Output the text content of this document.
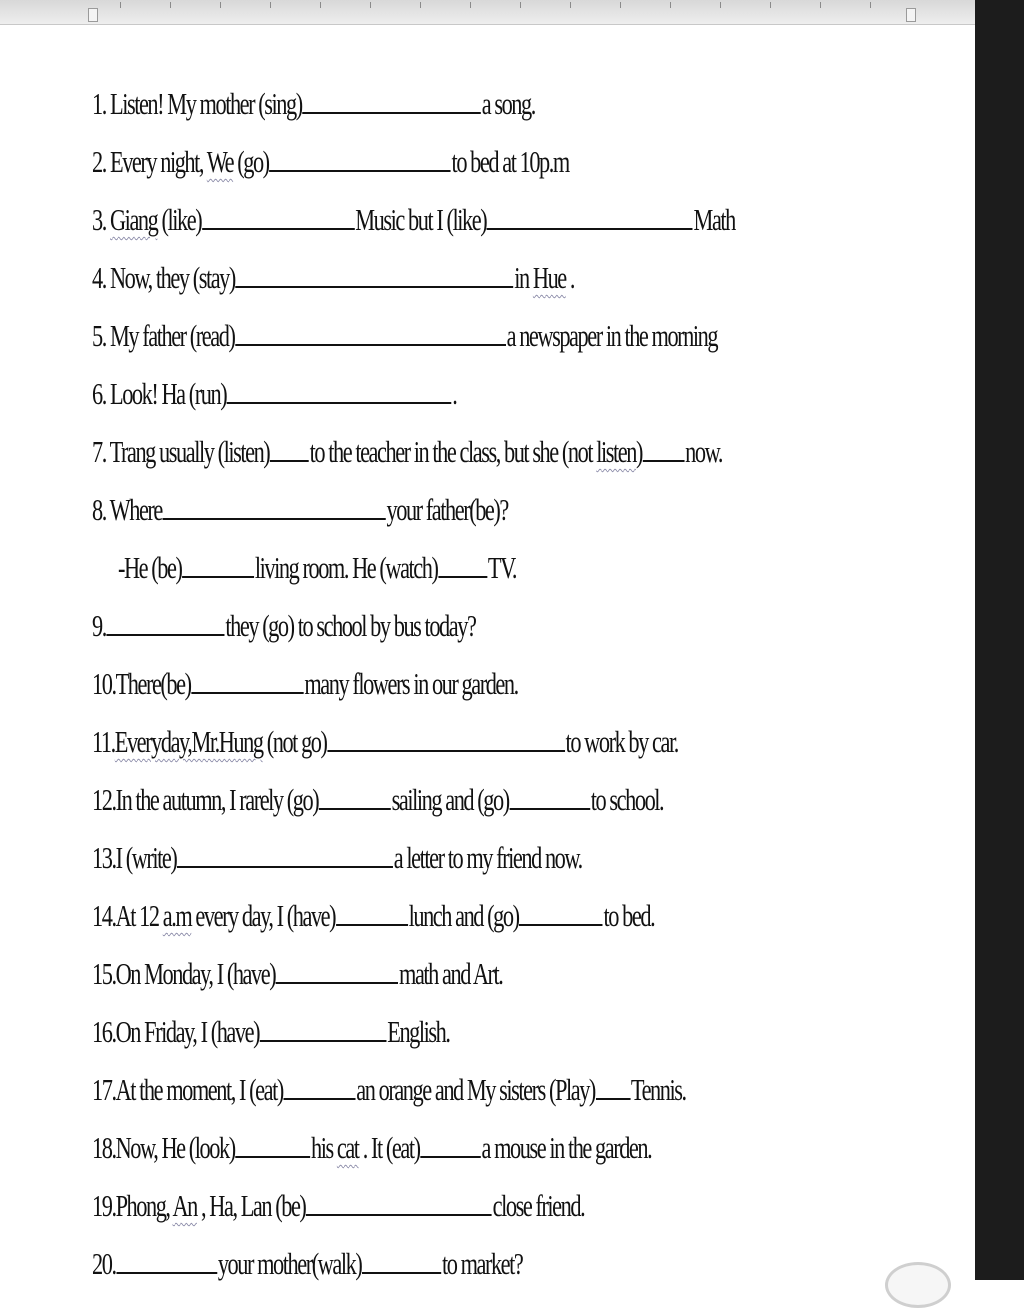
1. Listen! My mother (sing)	a song.
2. Every night, We (go)	to bed at 10p.m
3. Giang (like)	Music but I (like)	Math
4. Now, they (stay)	in Hue .
5. My father (read)	a newspaper in the morning
6. Look! Ha (run)	.
7. Trang usually (listen) to the teacher in the class, but she (not listen) now.
8. Where	your father(be)?
-He (be) living room. He (watch) TV.
9.	they (go) to school by bus today?
10.There(be)	many flowers in our garden.
11.Everyday,Mr.Hung (not go)	to work by car.
12.In the autumn, I rarely (go) sailing and (go)	to school.
13.I (write)	a letter to my friend now.
14.At 12 a.m every day, I (have) lunch and (go)	to bed.
15.On Monday, I (have)	math and Art.
16.On Friday, I (have)	English.
17.At the moment, I (eat) an orange and My sisters (Play) Tennis.
18.Now, He (look) his cat . It (eat) a mouse in the garden.
19.Phong, An , Ha, Lan (be)	close friend.
20.	your mother(walk)	to market?
